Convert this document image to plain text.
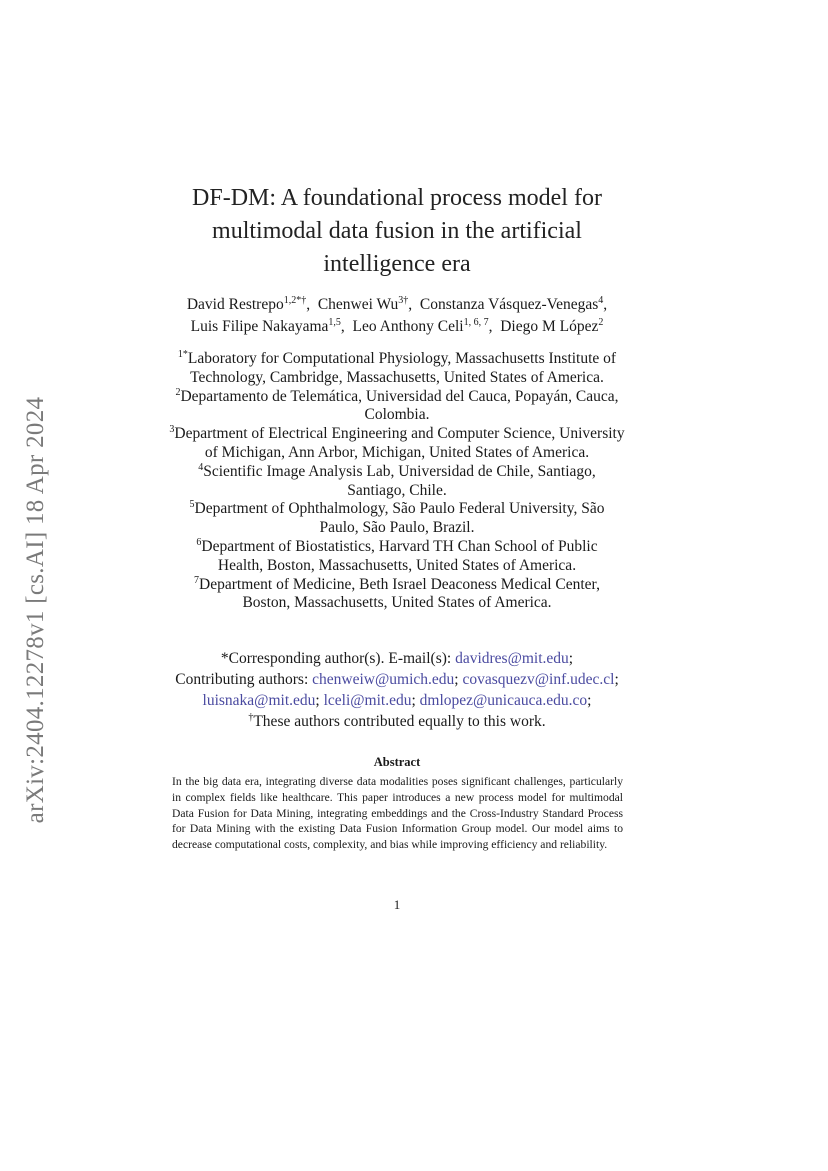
arXiv:2404.12278v1 [cs.AI] 18 Apr 2024
DF-DM: A foundational process model for
multimodal data fusion in the artificial
intelligence era
David Restrepo$^{1,2*\dagger}$,  Chenwei $Wu^{3\dagger}$,  Constanza Vásquez-Venegas$^4$,
Luis Filipe Nakayama$^{1,5}$,  Leo Anthony Celi$^{1, 6, 7}$,  Diego M López$^2$

$^{1*}$Laboratory for Computational Physiology, Massachusetts Institute of

Technology, Cambridge, Massachusetts, United States of America.

$^2$Departamento de Telemática, Universidad del Cauca, Popayán, Cauca,

Colombia.

$^3$Department of Electrical Engineering and Computer Science, University

of Michigan, Ann Arbor, Michigan, United States of America.

$^4$Scientific Image Analysis Lab, Universidad de Chile, Santiago,

Santiago, Chile.

$^5$Department of Ophthalmology, São Paulo Federal University, São

Paulo, São Paulo, Brazil.

$^6$Department of Biostatistics, Harvard TH Chan School of Public

Health, Boston, Massachusetts, United States of America.

$^7$Department of Medicine, Beth Israel Deaconess Medical Center,

Boston, Massachusetts, United States of America.

*Corresponding author(s). E-mail(s): davidres@mit.edu;

Contributing authors: chenweiw@umich.edu; covasquezv@inf.udec.cl;

luisnaka@mit.edu; lceli@mit.edu; dmlopez@unicauca.edu.co;

†These authors contributed equally to this work.

Abstract
In the big data era, integrating diverse data modalities poses significant challenges, particularly in complex fields like healthcare. This paper introduces a new process model for multimodal Data Fusion for Data Mining, integrating embeddings and the Cross-Industry Standard Process for Data Mining with the existing Data Fusion Information Group model. Our model aims to decrease computational costs, complexity, and bias while improving efficiency and reliability.
1
